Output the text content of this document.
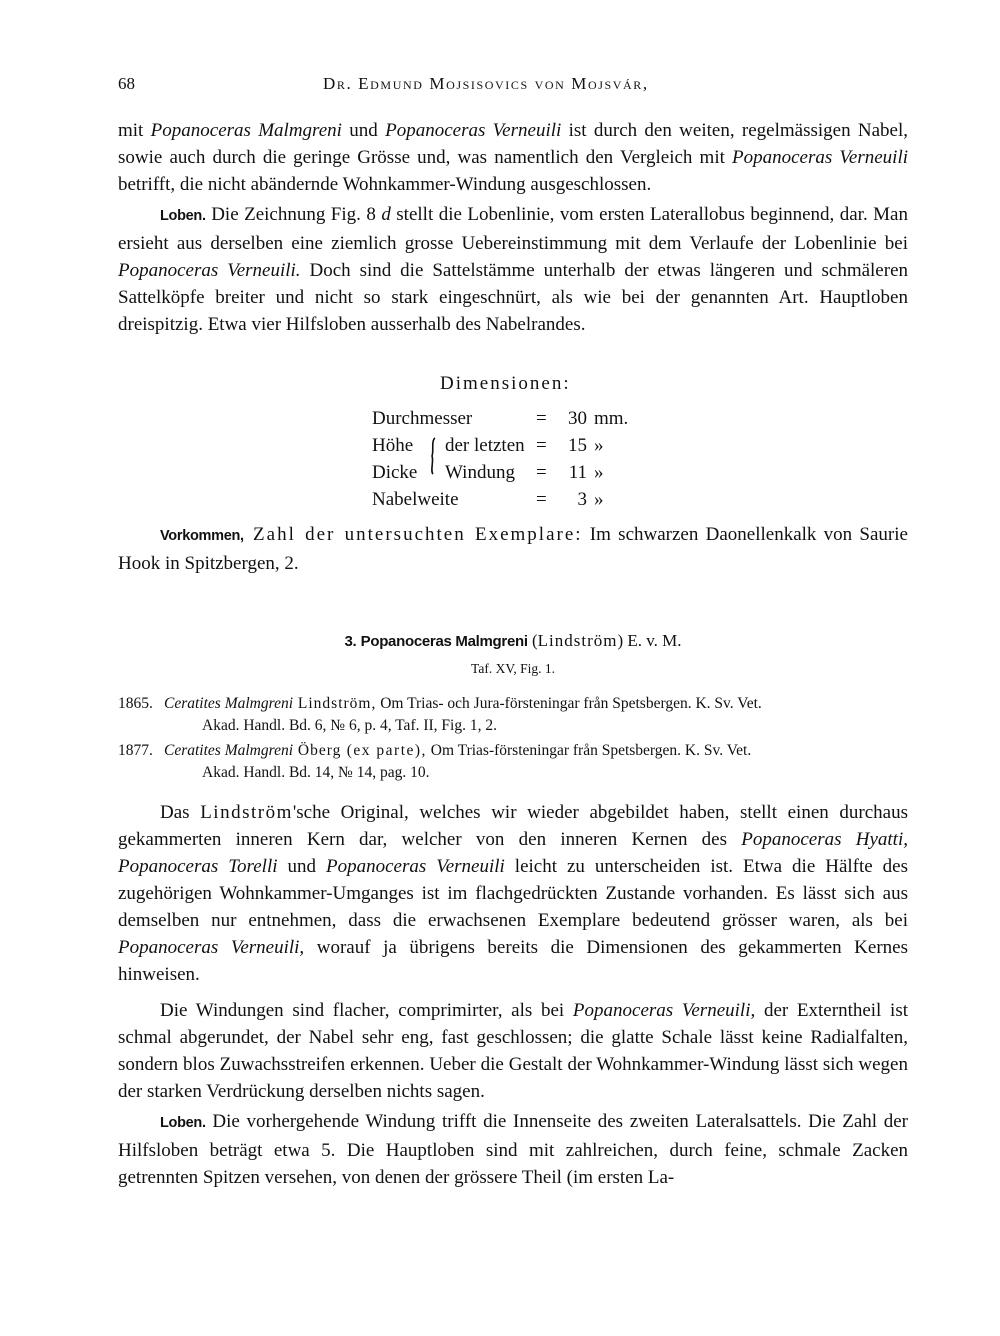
68	Dr. Edmund Mojsisovics von Mojsvár,

mit Popanoceras Malmgreni und Popanoceras Verneuili ist durch den weiten, regelmässigen Nabel, sowie auch durch die geringe Grösse und, was namentlich den Vergleich mit Popanoceras Verneuili betrifft, die nicht abändernde Wohnkammer-Windung ausgeschlossen.

Loben. Die Zeichnung Fig. 8 d stellt die Lobenlinie, vom ersten Laterallobus beginnend, dar. Man ersieht aus derselben eine ziemlich grosse Uebereinstimmung mit dem Verlaufe der Lobenlinie bei Popanoceras Verneuili. Doch sind die Sattelstämme unterhalb der etwas längeren und schmäleren Sattelköpfe breiter und nicht so stark eingeschnürt, als wie bei der genannten Art. Hauptloben dreispitzig. Etwa vier Hilfsloben ausserhalb des Nabelrandes.

Dimensionen:
Durchmesser	=	30 mm.
Höhe der letzten =	15 »
Dicke Windung =	11 »
Nabelweite	=	3 »

Vorkommen, Zahl der untersuchten Exemplare: Im schwarzen Daonellenkalk von Saurie Hook in Spitzbergen, 2.

3. Popanoceras Malmgreni (Lindström) E. v. M.
Taf. XV, Fig. 1.
1865. Ceratites Malmgreni Lindström, Om Trias- och Jura-försteningar från Spetsbergen. K. Sv. Vet.
Akad. Handl. Bd. 6, № 6, p. 4, Taf. II, Fig. 1, 2.
1877. Ceratites Malmgreni Öberg (ex parte), Om Trias-försteningar från Spetsbergen. K. Sv. Vet.
Akad. Handl. Bd. 14, № 14, pag. 10.

Das Lindström'sche Original, welches wir wieder abgebildet haben, stellt einen durchaus gekammerten inneren Kern dar, welcher von den inneren Kernen des Popanoceras Hyatti, Popanoceras Torelli und Popanoceras Verneuili leicht zu unterscheiden ist. Etwa die Hälfte des zugehörigen Wohnkammer-Umganges ist im flachgedrückten Zustande vorhanden. Es lässt sich aus demselben nur entnehmen, dass die erwachsenen Exemplare bedeutend grösser waren, als bei Popanoceras Verneuili, worauf ja übrigens bereits die Dimensionen des gekammerten Kernes hinweisen.

Die Windungen sind flacher, comprimirter, als bei Popanoceras Verneuili, der Externtheil ist schmal abgerundet, der Nabel sehr eng, fast geschlossen; die glatte Schale lässt keine Radialfalten, sondern blos Zuwachsstreifen erkennen. Ueber die Gestalt der Wohnkammer-Windung lässt sich wegen der starken Verdrückung derselben nichts sagen.

Loben. Die vorhergehende Windung trifft die Innenseite des zweiten Lateralsattels. Die Zahl der Hilfsloben beträgt etwa 5. Die Hauptloben sind mit zahlreichen, durch feine, schmale Zacken getrennten Spitzen versehen, von denen der grössere Theil (im ersten La-
